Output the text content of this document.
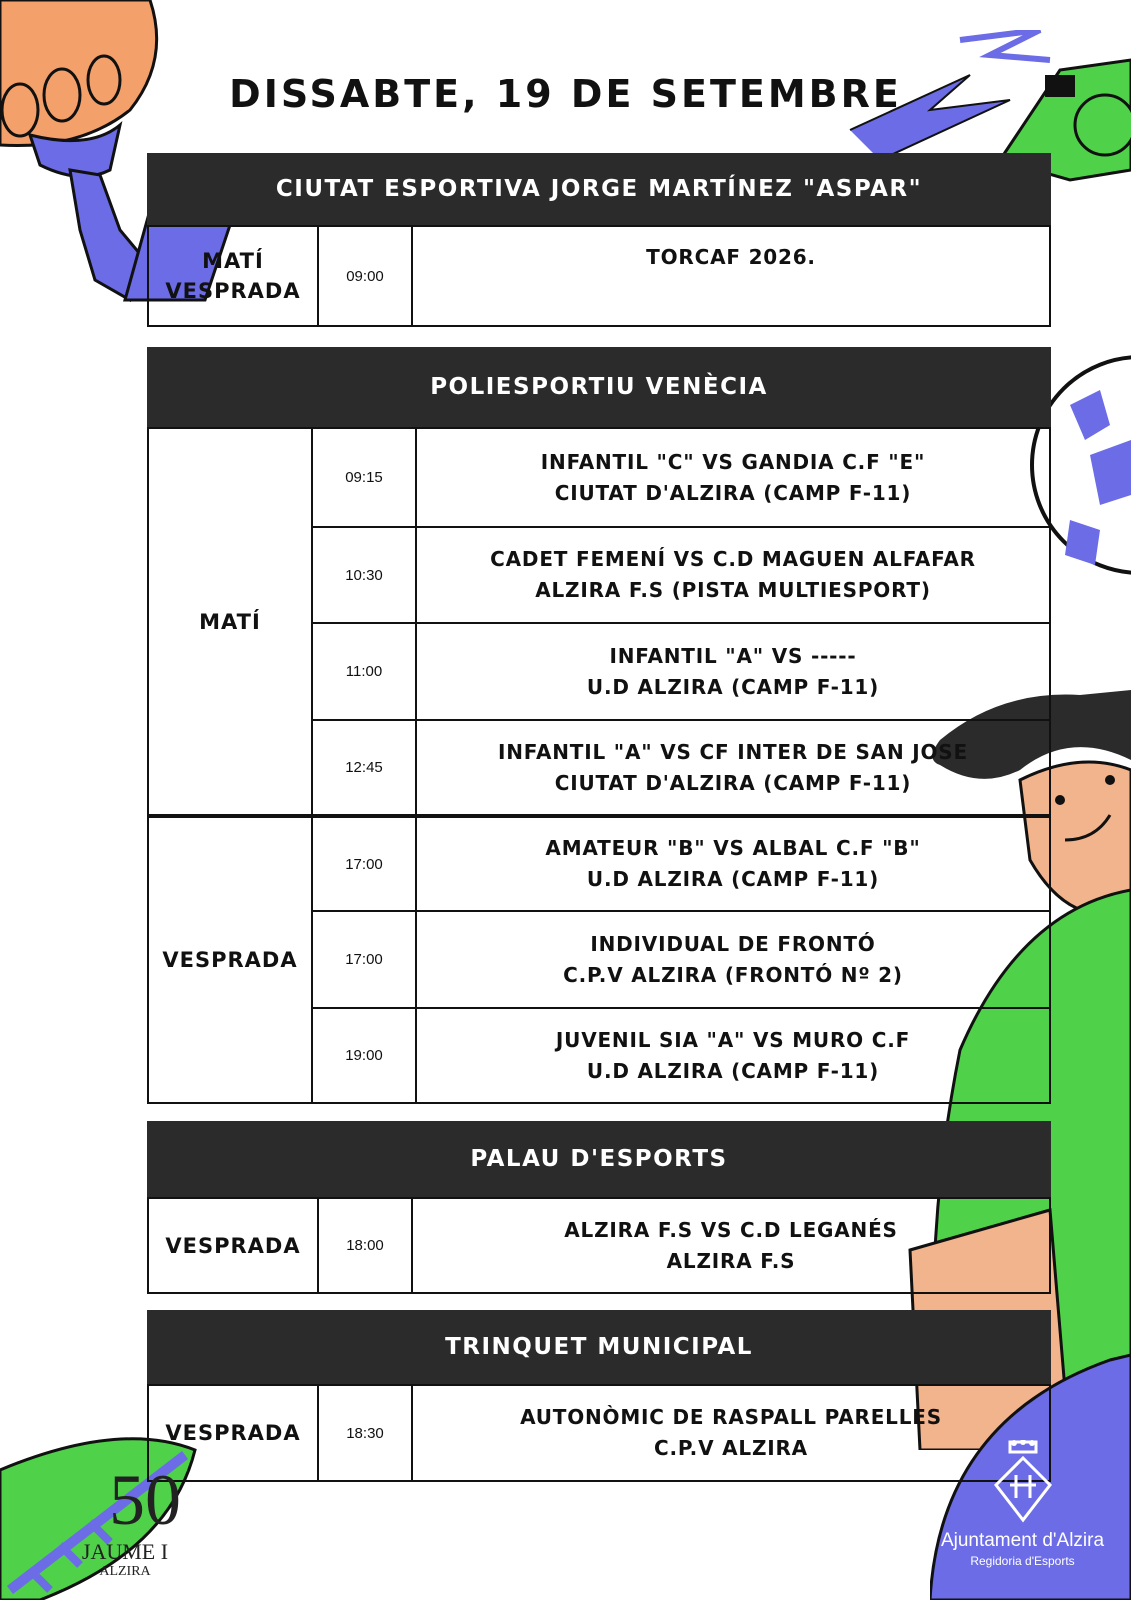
DISSABTE, 19 DE SETEMBRE
CIUTAT ESPORTIVA JORGE MARTÍNEZ "ASPAR"
MATÍ
VESPRADA
09:00
TORCAF 2026.
POLIESPORTIU VENÈCIA
MATÍ
VESPRADA
09:15
INFANTIL "C" VS GANDIA C.F "E"
CIUTAT D'ALZIRA (CAMP F-11)
10:30
CADET FEMENÍ VS C.D MAGUEN ALFAFAR
ALZIRA F.S (PISTA MULTIESPORT)
11:00
INFANTIL "A" VS -----
U.D ALZIRA (CAMP F-11)
12:45
INFANTIL "A" VS CF INTER DE SAN JOSE
CIUTAT D'ALZIRA (CAMP F-11)
17:00
AMATEUR "B" VS ALBAL C.F "B"
U.D ALZIRA (CAMP F-11)
17:00
INDIVIDUAL DE FRONTÓ
C.P.V ALZIRA (FRONTÓ Nº 2)
19:00
JUVENIL SIA "A" VS MURO C.F
U.D ALZIRA (CAMP F-11)
PALAU D'ESPORTS
VESPRADA	18:00
ALZIRA F.S VS C.D LEGANÉS
ALZIRA F.S
TRINQUET MUNICIPAL
VESPRADA	18:30
AUTONÒMIC DE RASPALL PARELLES
C.P.V ALZIRA
50
JAUME I
ALZIRA
Ajuntament d'Alzira
Regidoria d'Esports
